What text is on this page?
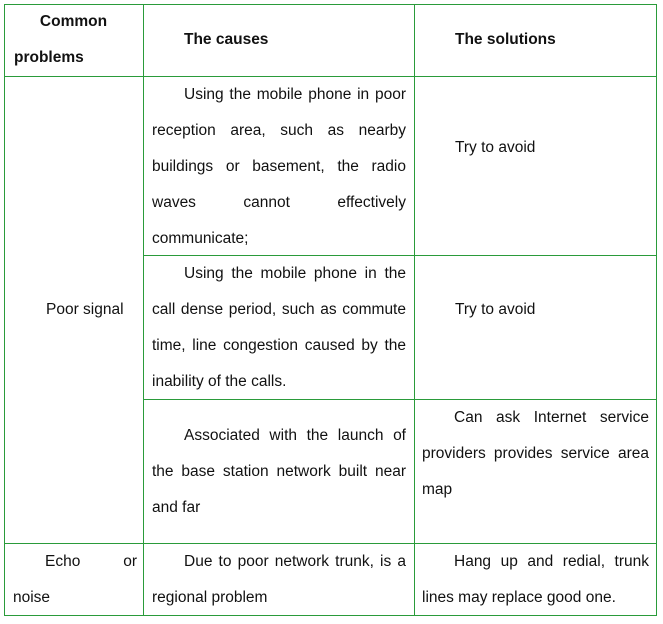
Common
problems
The causes	The solutions
Poor signal
Using the mobile phone in poor reception area, such as nearby buildings or basement, the radio waves cannot effectively communicate;
Try to avoid
Using the mobile phone in the call dense period, such as commute time, line congestion caused by the inability of the calls.
Try to avoid
Associated with the launch of the base station network built near and far
Can ask Internet service providers provides service area map
Echo or noise
Due to poor network trunk, is a regional problem
Hang up and redial, trunk lines may replace good one.
